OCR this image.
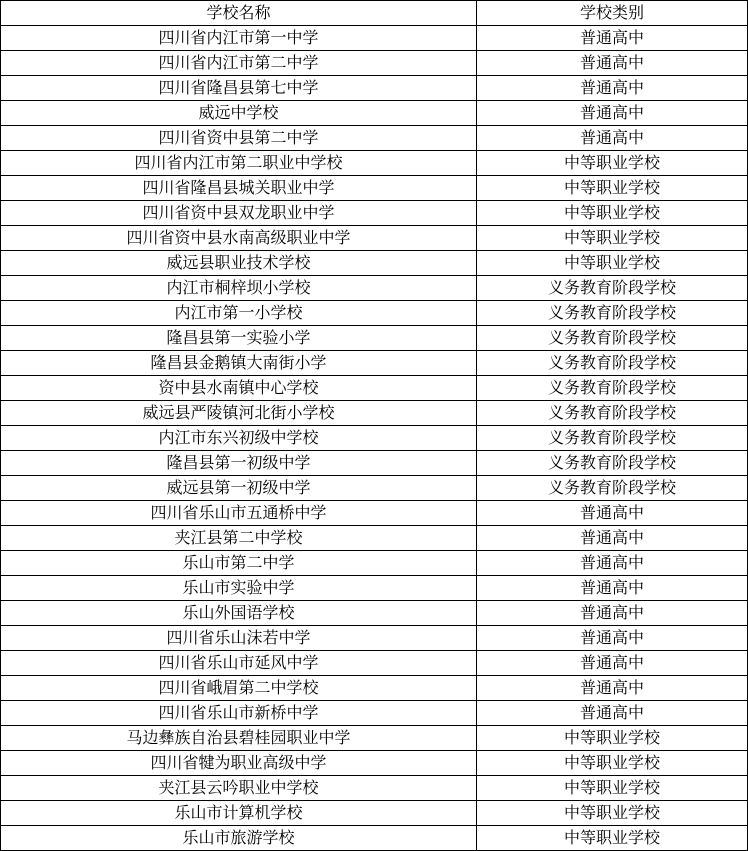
学校名称	学校类别
四川省内江市第一中学	普通高中
四川省内江市第二中学	普通高中
四川省隆昌县第七中学	普通高中
威远中学校	普通高中
四川省资中县第二中学	普通高中
四川省内江市第二职业中学校	中等职业学校
四川省隆昌县城关职业中学	中等职业学校
四川省资中县双龙职业中学	中等职业学校
四川省资中县水南高级职业中学	中等职业学校
威远县职业技术学校	中等职业学校
内江市桐梓坝小学校	义务教育阶段学校
内江市第一小学校	义务教育阶段学校
隆昌县第一实验小学	义务教育阶段学校
隆昌县金鹅镇大南街小学	义务教育阶段学校
资中县水南镇中心学校	义务教育阶段学校
威远县严陵镇河北街小学校	义务教育阶段学校
内江市东兴初级中学校	义务教育阶段学校
隆昌县第一初级中学	义务教育阶段学校
威远县第一初级中学	义务教育阶段学校
四川省乐山市五通桥中学	普通高中
夹江县第二中学校	普通高中
乐山市第二中学	普通高中
乐山市实验中学	普通高中
乐山外国语学校	普通高中
四川省乐山沫若中学	普通高中
四川省乐山市延风中学	普通高中
四川省峨眉第二中学校	普通高中
四川省乐山市新桥中学	普通高中
马边彝族自治县碧桂园职业中学	中等职业学校
四川省犍为职业高级中学	中等职业学校
夹江县云吟职业中学校	中等职业学校
乐山市计算机学校	中等职业学校
乐山市旅游学校	中等职业学校
